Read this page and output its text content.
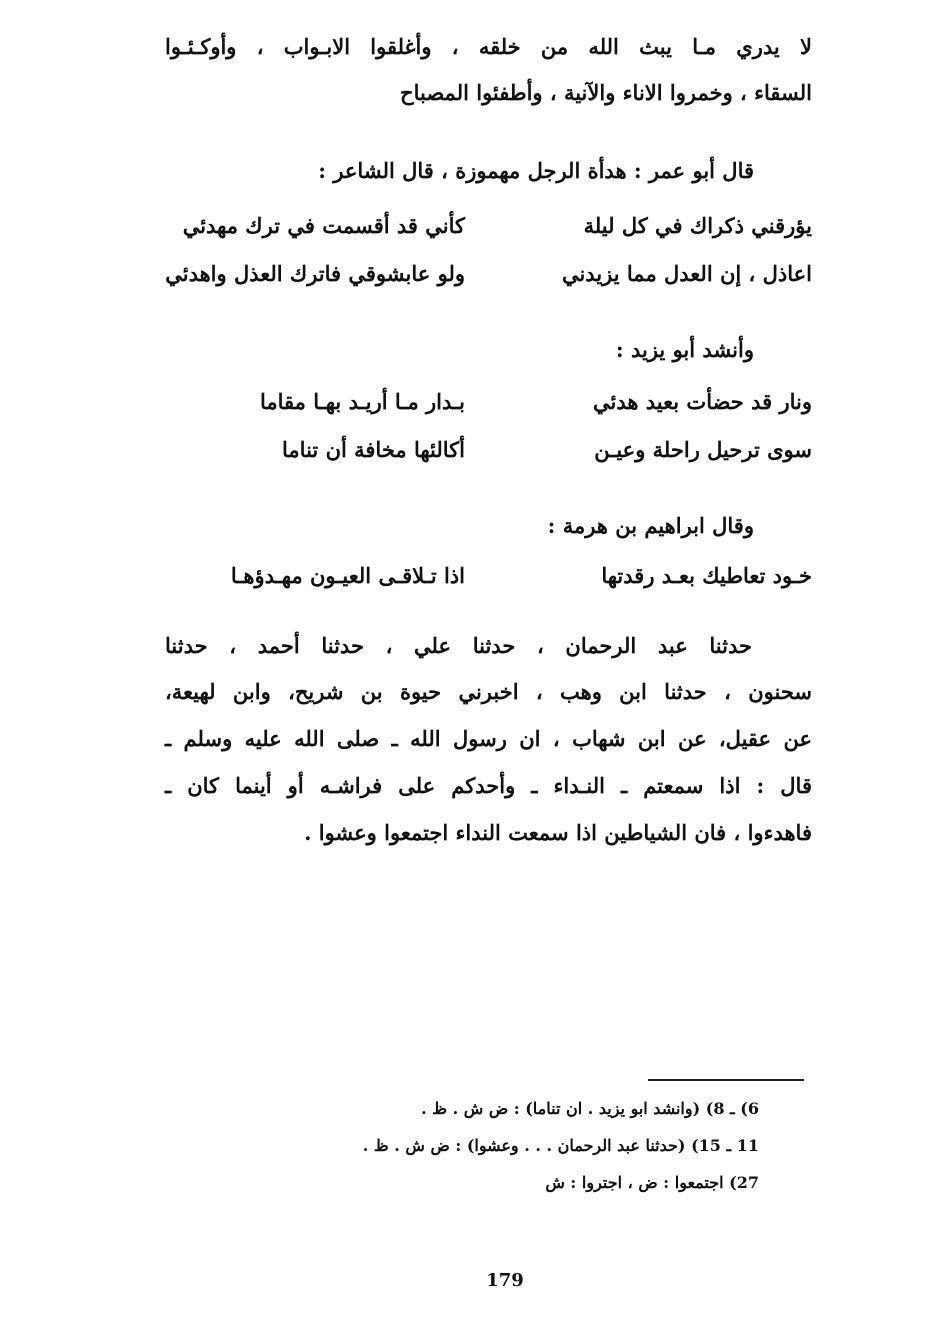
لا يدري مـا يبث الله من خلقه ، وأغلقوا الابـواب ، وأوكـئـوا
السقاء ، وخمروا الاناء والآنية ، وأطفئوا المصباح
قال أبو عمر : هدأة الرجل مهموزة ، قال الشاعر :
يؤرقني ذكراك في كل ليلة
كأني قد أقسمت في ترك مهدئي
اعاذل ، إن العدل مما يزيدني
ولو عابشوقي فاترك العذل واهدئي
وأنشد أبو يزيد :
ونار قد حضأت بعيد هدئي
بـدار مـا أريـد بهـا مقاما
سوى ترحيل راحلة وعيـن
أكالئها مخافة أن تناما
وقال ابراهيم بن هرمة :
خـود تعاطيك بعـد رقدتها
اذا تـلاقـى العيـون مهـدؤهـا
حدثنا عبد الرحمان ، حدثنا علي ، حدثنا أحمد ، حدثنا
سحنون ، حدثنا ابن وهب ، اخبرني حيوة بن شريح، وابن لهيعة،
عن عقيل، عن ابن شهاب ، ان رسول الله ـ صلى الله عليه وسلم ـ
قال : اذا سمعتم ـ النـداء ـ وأحدكم على فراشـه أو أينما كان ـ
فاهدءوا ، فان الشياطين اذا سمعت النداء اجتمعوا وعشوا .
6) ـ 8) (وانشد ابو يزيد . ان تناما) : ض ش . ظ .
11 ـ 15) (حدثنا عبد الرحمان . . . وعشوا) : ض ش . ظ .
27) اجتمعوا : ض ، اجتروا : ش
179
